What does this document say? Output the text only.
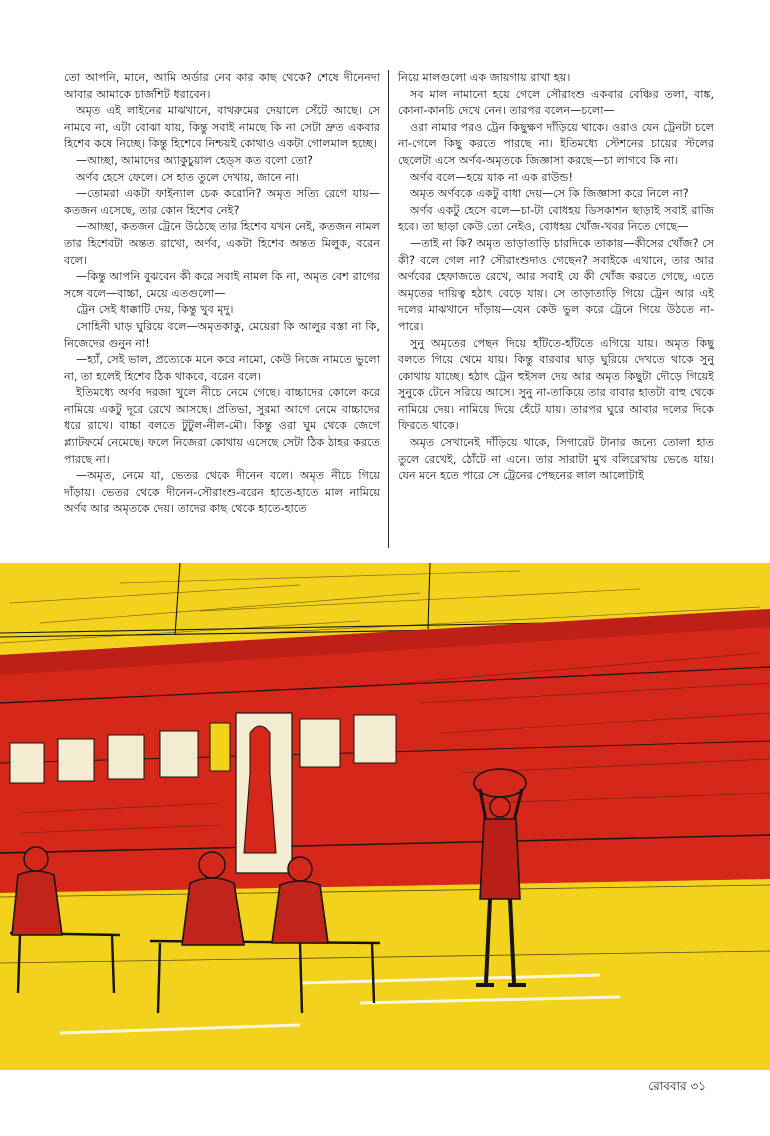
তো আপনি, মানে, আমি অর্ডার নেব কার কাছ থেকে? শেষে দীনেনদা আবার আমাকে চার্জশিট ধরাবেন।

অমৃত এই লাইনের মাঝখানে, বাথরুমের দেয়ালে সেঁটে আছে। সে নামবে না, এটা বোঝা যায়, কিন্তু সবাই নামছে কি না সেটা দ্রুত একবার হিশেব কষে নিচ্ছে। কিন্তু হিশেবে নিশ্চয়ই কোথাও একটা গোলমাল হচ্ছে।

—আচ্ছা, আমাদের অ্যাকুচুয়াল হেড্‌স কত বলো তো?

অর্ণব হেসে ফেলে। সে হাত তুলে দেখায়, জানে না।

—তোমরা একটা ফাইন্যাল চেক করোনি? অমৃত সত্যি রেগে যায়—কতজন এসেছে, তার কোন হিশেব নেই?

—আচ্ছা, কতজন ট্রেনে উঠেছে তার হিশেব যখন নেই, কতজন নামল তার হিশেবটা অন্তত রাখো, অর্ণব, একটা হিশেব অন্তত মিলুক, বরেন বলে।

—কিন্তু আপনি বুঝবেন কী করে সবাই নামল কি না, অমৃত বেশ রাগের সঙ্গে বলে—বাচ্চা, মেয়ে এতগুলো—

ট্রেন সেই ধাক্কাটি দেয়, কিন্তু খুব মৃদু।

সোহিনী ঘাড় ঘুরিয়ে বলে—অমৃতকাকু, মেয়েরা কি আলুর বস্তা না কি, নিজেদের গুনুন না!

—হ্যাঁ, সেই ভাল, প্রত্যেকে মনে করে নামো, কেউ নিজে নামতে ভুলো না, তা হলেই হিশেব ঠিক থাকবে, বরেন বলে।

ইতিমধ্যে অর্ণব দরজা খুলে নীচে নেমে গেছে। বাচ্চাদের কোলে করে নামিয়ে একটু দূরে রেখে আসছে। প্রতিভা, সুরমা আগে নেমে বাচ্চাদের ধরে রাখে। বাচ্চা বলতে টুটুল-নীল-মৌ। কিন্তু ওরা ঘুম থেকে জেগে প্ল্যাটফর্মে নেমেছে। ফলে নিজেরা কোথায় এসেছে সেটা ঠিক ঠাহর করতে পারছে না।

—অমৃত, নেমে যা, ভেতর থেকে দীনেন বলে। অমৃত নীচে গিয়ে দাঁড়ায়। ভেতর থেকে দীনেন-সৌরাংশু-বরেন হাতে-হাতে মাল নামিয়ে অর্ণব আর অমৃতকে দেয়। তাদের কাছ থেকে হাতে-হাতে

নিয়ে মালগুলো এক জায়গায় রাখা হয়।

সব মাল নামানো হয়ে গেলে সৌরাংশু একবার বেঞ্চির তলা, বাঙ্ক, কোনা-কানচি দেখে নেন। তারপর বলেন—চলো—

ওরা নামার পরও ট্রেন কিছুক্ষণ দাঁড়িয়ে থাকে। ওরাও যেন ট্রেনটা চলে না-গেলে কিছু করতে পারছে না। ইতিমধ্যে স্টেশনের চায়ের স্টলের ছেলেটা এসে অর্ণব-অমৃতকে জিজ্ঞাসা করছে—চা লাগবে কি না।

অর্ণব বলে—হয়ে যাক না এক রাউন্ড!

অমৃত অর্ণবকে একটু বাধা দেয়—সে কি জিজ্ঞাসা করে নিলে না?

অর্ণব একটু হেসে বলে—চা-টা বোধহয় ডিসকাশন ছাড়াই সবাই রাজি হবে। তা ছাড়া কেউ তো নেইও, বোধহয় খোঁজ-খবর নিতে গেছে—

—তাই না কি? অমৃত তাড়াতাড়ি চারদিকে তাকায়—কীসের খোঁজ? সে কী? বলে গেল না? সৌরাংশুদাও গেছেন? সবাইকে এখানে, তার আর অর্ণবের হেফাজতে রেখে, আর সবাই যে কী খোঁজ করতে গেছে, এতে অমৃতের দায়িত্ব হঠাৎ বেড়ে যায়। সে তাড়াতাড়ি গিয়ে ট্রেন আর এই দলের মাঝখানে দাঁড়ায়—যেন কেউ ভুল করে ট্রেনে গিয়ে উঠতে না-পারে।

সুনু অমৃতের পেছন দিয়ে হাঁটতে-হাঁটতে এগিয়ে যায়। অমৃত কিছু বলতে গিয়ে থেমে যায়। কিন্তু বারবার ঘাড় ঘুরিয়ে দেখতে থাকে সুনু কোথায় যাচ্ছে। হঠাৎ ট্রেন হুইসল দেয় আর অমৃত কিছুটা দৌড়ে গিয়েই সুনুকে টেনে সরিয়ে আসে। সুনু না-তাকিয়ে তার বাবার হাতটা বাহু থেকে নামিয়ে দেয়। নামিয়ে দিয়ে হেঁটে যায়। তারপর ঘুরে আবার দলের দিকে ফিরতে থাকে।

অমৃত সেখানেই দাঁড়িয়ে থাকে, সিগারেট টানার জন্যে তোলা হাত তুলে রেখেই, ঠোঁটে না এনে। তার সারাটা মুখ বলিরেখায় ভেঙে যায়। যেন মনে হতে পারে সে ট্রেনের পেছনের লাল আলোটাই

রোববার ৩১
